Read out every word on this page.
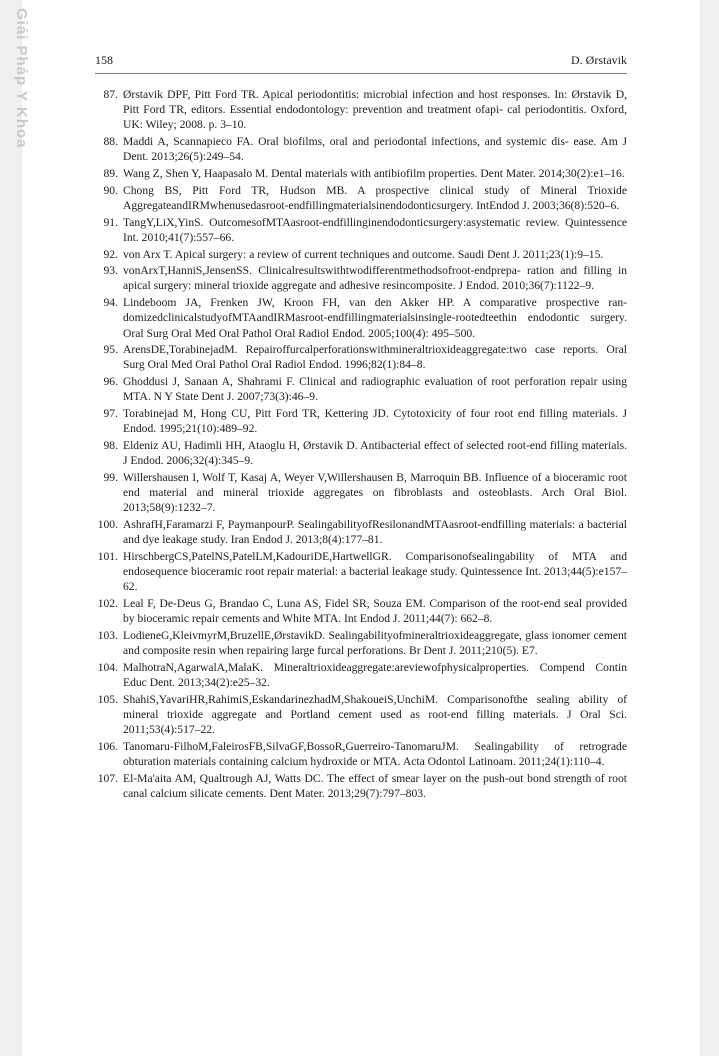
Giải Pháp Y Khoa	158	D. Ørstavik
87. Ørstavik DPF, Pitt Ford TR. Apical periodontitis: microbial infection and host responses. In: Ørstavik D, Pitt Ford TR, editors. Essential endodontology: prevention and treatment ofapi- cal periodontitis. Oxford, UK: Wiley; 2008. p. 3–10.
88. Maddi A, Scannapieco FA. Oral biofilms, oral and periodontal infections, and systemic dis- ease. Am J Dent. 2013;26(5):249–54.
89. Wang Z, Shen Y, Haapasalo M. Dental materials with antibiofilm properties. Dent Mater. 2014;30(2):e1–16.
90. Chong BS, Pitt Ford TR, Hudson MB. A prospective clinical study of Mineral Trioxide AggregateandIRMwhenusedasroot-endfillingmaterialsinendodonticsurgery. IntEndod J. 2003;36(8):520–6.
91. TangY,LiX,YinS. OutcomesofMTAasroot-endfillinginendodonticsurgery:asystematic review. Quintessence Int. 2010;41(7):557–66.
92. von Arx T. Apical surgery: a review of current techniques and outcome. Saudi Dent J. 2011;23(1):9–15.
93. vonArxT,HanniS,JensenSS. Clinicalresultswithtwodifferentmethodsofroot-endprepa- ration and filling in apical surgery: mineral trioxide aggregate and adhesive resincomposite. J Endod. 2010;36(7):1122–9.
94. Lindeboom JA, Frenken JW, Kroon FH, van den Akker HP. A comparative prospective ran- domizedclinicalstudyofMTAandIRMasroot-endfillingmaterialsinsingle-rootedteethin endodontic surgery. Oral Surg Oral Med Oral Pathol Oral Radiol Endod. 2005;100(4): 495–500.
95. ArensDE,TorabinejadM. Repairoffurcalperforationswithmineraltrioxideaggregate:two case reports. Oral Surg Oral Med Oral Pathol Oral Radiol Endod. 1996;82(1):84–8.
96. Ghoddusi J, Sanaan A, Shahrami F. Clinical and radiographic evaluation of root perforation repair using MTA. N Y State Dent J. 2007;73(3):46–9.
97. Torabinejad M, Hong CU, Pitt Ford TR, Kettering JD. Cytotoxicity of four root end filling materials. J Endod. 1995;21(10):489–92.
98. Eldeniz AU, Hadimli HH, Ataoglu H, Ørstavik D. Antibacterial effect of selected root-end filling materials. J Endod. 2006;32(4):345–9.
99. Willershausen I, Wolf T, Kasaj A, Weyer V,Willershausen B, Marroquin BB. Influence of a bioceramic root end material and mineral trioxide aggregates on fibroblasts and osteoblasts. Arch Oral Biol. 2013;58(9):1232–7.
100. AshrafH,Faramarzi F, PaymanpourP. SealingabilityofResilonandMTAasroot-endfilling materials: a bacterial and dye leakage study. Iran Endod J. 2013;8(4):177–81.
101. HirschbergCS,PatelNS,PatelLM,KadouriDE,HartwellGR. Comparisonofsealingability of MTA and endosequence bioceramic root repair material: a bacterial leakage study. Quintessence Int. 2013;44(5):e157–62.
102. Leal F, De-Deus G, Brandao C, Luna AS, Fidel SR, Souza EM. Comparison of the root-end seal provided by bioceramic repair cements and White MTA. Int Endod J. 2011;44(7): 662–8.
103. LodieneG,KleivmyrM,BruzellE,ØrstavikD. Sealingabilityofmineraltrioxideaggregate, glass ionomer cement and composite resin when repairing large furcal perforations. Br Dent J. 2011;210(5). E7.
104. MalhotraN,AgarwalA,MalaK. Mineraltrioxideaggregate:areviewofphysicalproperties. Compend Contin Educ Dent. 2013;34(2):e25–32.
105. ShahiS,YavariHR,RahimiS,EskandarinezhadM,ShakoueiS,UnchiM. Comparisonofthe sealing ability of mineral trioxide aggregate and Portland cement used as root-end filling materials. J Oral Sci. 2011;53(4):517–22.
106. Tanomaru-FilhoM,FaleirosFB,SilvaGF,BossoR,Guerreiro-TanomaruJM. Sealingability of retrograde obturation materials containing calcium hydroxide or MTA. Acta Odontol Latinoam. 2011;24(1):110–4.
107. El-Ma'aita AM, Qualtrough AJ, Watts DC. The effect of smear layer on the push-out bond strength of root canal calcium silicate cements. Dent Mater. 2013;29(7):797–803.
